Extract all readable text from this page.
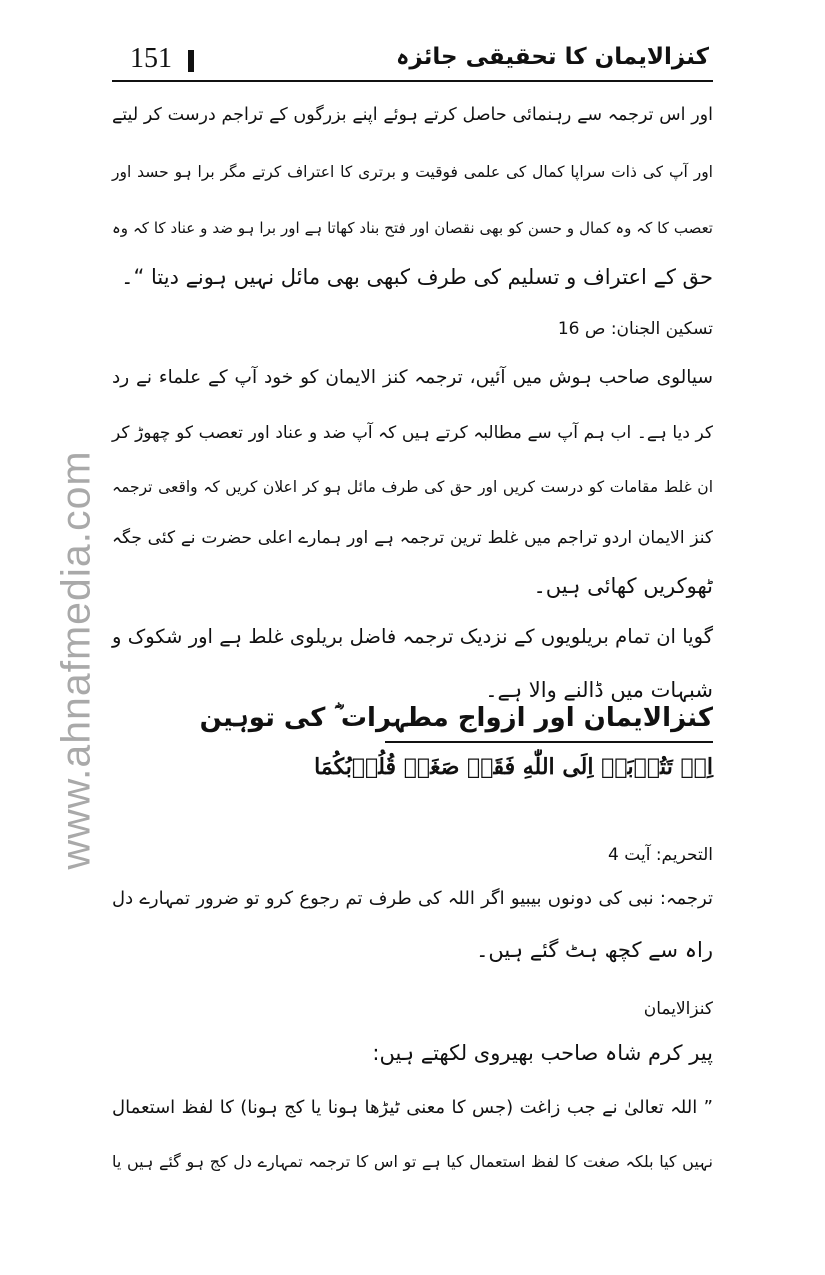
کنزالایمان کا تحقیقی جائزہ
151
www.ahnafmedia.com
اور اس ترجمہ سے رہنمائی حاصل کرتے ہوئے اپنے بزرگوں کے تراجم درست کر لیتے
اور آپ کی ذات سراپا کمال کی علمی فوقیت و برتری کا اعتراف کرتے مگر برا ہو حسد اور
تعصب کا کہ وہ کمال و حسن کو بھی نقصان اور فتح بناد کھاتا ہے اور برا ہو ضد و عناد کا کہ وہ
حق کے اعتراف و تسلیم کی طرف کبھی بھی مائل نہیں ہونے دیتا “۔
تسکین الجنان: ص 16
سیالوی صاحب ہوش میں آئیں، ترجمہ کنز الایمان کو خود آپ کے علماء نے رد
کر دیا ہے۔ اب ہم آپ سے مطالبہ کرتے ہیں کہ آپ ضد و عناد اور تعصب کو چھوڑ کر
ان غلط مقامات کو درست کریں اور حق کی طرف مائل ہو کر اعلان کریں کہ واقعی ترجمہ
کنز الایمان اردو تراجم میں غلط ترین ترجمہ ہے اور ہمارے اعلی حضرت نے کئی جگہ
ٹھوکریں کھائی ہیں۔
گویا ان تمام بریلویوں کے نزدیک ترجمہ فاضل بریلوی غلط ہے اور شکوک و
شبہات میں ڈالنے والا ہے۔
کنزالایمان اور ازواج مطہرات ؓ کی توہین
اِنۡ تَتُوۡبَاۤ اِلَى اللّٰهِ فَقَدۡ صَغَتۡ قُلُوۡبُكُمَا
التحریم: آیت 4
ترجمہ: نبی کی دونوں بیبیو اگر اللہ کی طرف تم رجوع کرو تو ضرور تمہارے دل
راہ سے کچھ ہٹ گئے ہیں۔
کنزالایمان
پیر کرم شاہ صاحب بھیروی لکھتے ہیں:
” اللہ تعالیٰ نے جب زاغت (جس کا معنی ٹیڑھا ہونا یا کج ہونا) کا لفظ استعمال
نہیں کیا بلکہ صغت کا لفظ استعمال کیا ہے تو اس کا ترجمہ تمہارے دل کج ہو گئے ہیں یا
